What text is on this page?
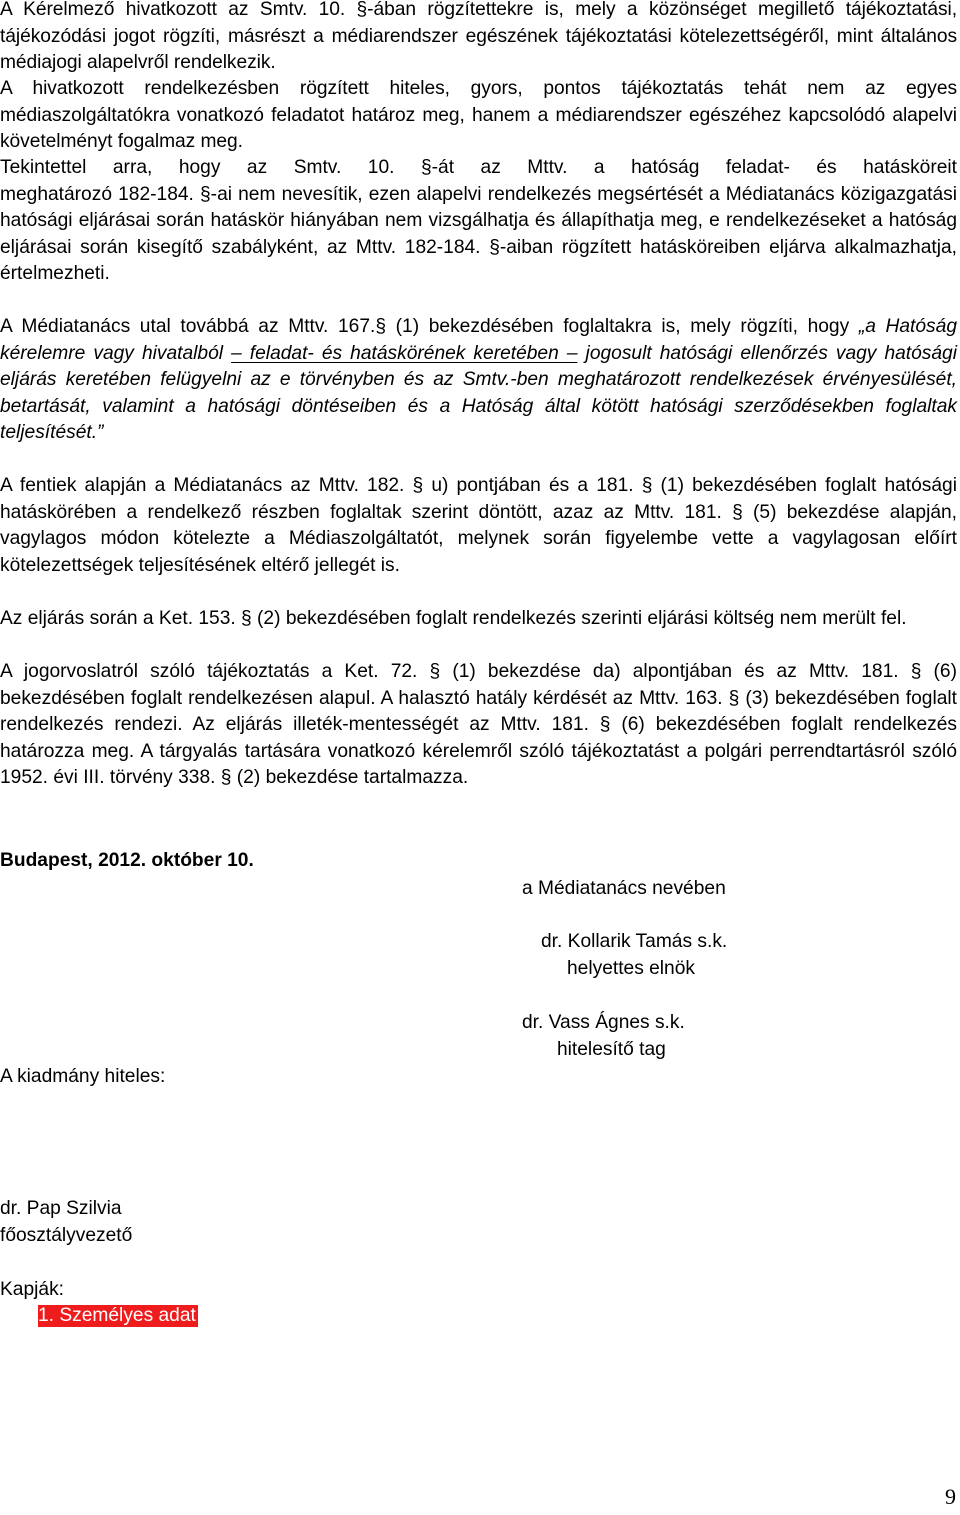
A Kérelmező hivatkozott az Smtv. 10. §-ában rögzítettekre is, mely a közönséget megillető tájékoztatási, tájékozódási jogot rögzíti, másrészt a médiarendszer egészének tájékoztatási kötelezettségéről, mint általános médiajogi alapelvről rendelkezik.

A hivatkozott rendelkezésben rögzített hiteles, gyors, pontos tájékoztatás tehát nem az egyes médiaszolgáltatókra vonatkozó feladatot határoz meg, hanem a médiarendszer egészéhez kapcsolódó alapelvi követelményt fogalmaz meg.

Tekintettel arra, hogy az Smtv. 10. §-át az Mttv. a hatóság feladat- és hatásköreit
meghatározó 182-184. §-ai nem nevesítik, ezen alapelvi rendelkezés megsértését a Médiatanács közigazgatási hatósági eljárásai során hatáskör hiányában nem vizsgálhatja és állapíthatja meg, e rendelkezéseket a hatóság eljárásai során kisegítő szabályként, az Mttv. 182-184. §-aiban rögzített hatásköreiben eljárva alkalmazhatja, értelmezheti.

A Médiatanács utal továbbá az Mttv. 167.§ (1) bekezdésében foglaltakra is, mely rögzíti, hogy „a Hatóság kérelemre vagy hivatalból – feladat- és hatáskörének keretében – jogosult hatósági ellenőrzés vagy hatósági eljárás keretében felügyelni az e törvényben és az Smtv.-ben meghatározott rendelkezések érvényesülését, betartását, valamint a hatósági döntéseiben és a Hatóság által kötött hatósági szerződésekben foglaltak teljesítését.”

A fentiek alapján a Médiatanács az Mttv. 182. § u) pontjában és a 181. § (1) bekezdésében foglalt hatósági hatáskörében a rendelkező részben foglaltak szerint döntött, azaz az Mttv. 181. § (5) bekezdése alapján, vagylagos módon kötelezte a Médiaszolgáltatót, melynek során figyelembe vette a vagylagosan előírt kötelezettségek teljesítésének eltérő jellegét is.

Az eljárás során a Ket. 153. § (2) bekezdésében foglalt rendelkezés szerinti eljárási költség nem merült fel.

A jogorvoslatról szóló tájékoztatás a Ket. 72. § (1) bekezdése da) alpontjában és az Mttv. 181. § (6) bekezdésében foglalt rendelkezésen alapul. A halasztó hatály kérdését az Mttv. 163. § (3) bekezdésében foglalt rendelkezés rendezi. Az eljárás illeték-mentességét az Mttv. 181. § (6) bekezdésében foglalt rendelkezés határozza meg. A tárgyalás tartására vonatkozó kérelemről szóló tájékoztatást a polgári perrendtartásról szóló 1952. évi III. törvény 338. § (2) bekezdése tartalmazza.

Budapest, 2012. október 10.
a Médiatanács nevében
dr. Kollarik Tamás s.k.
helyettes elnök
dr. Vass Ágnes s.k.
hitelesítő tag
A kiadmány hiteles:
dr. Pap Szilvia
főosztályvezető
Kapják:
1. Személyes adat
9
